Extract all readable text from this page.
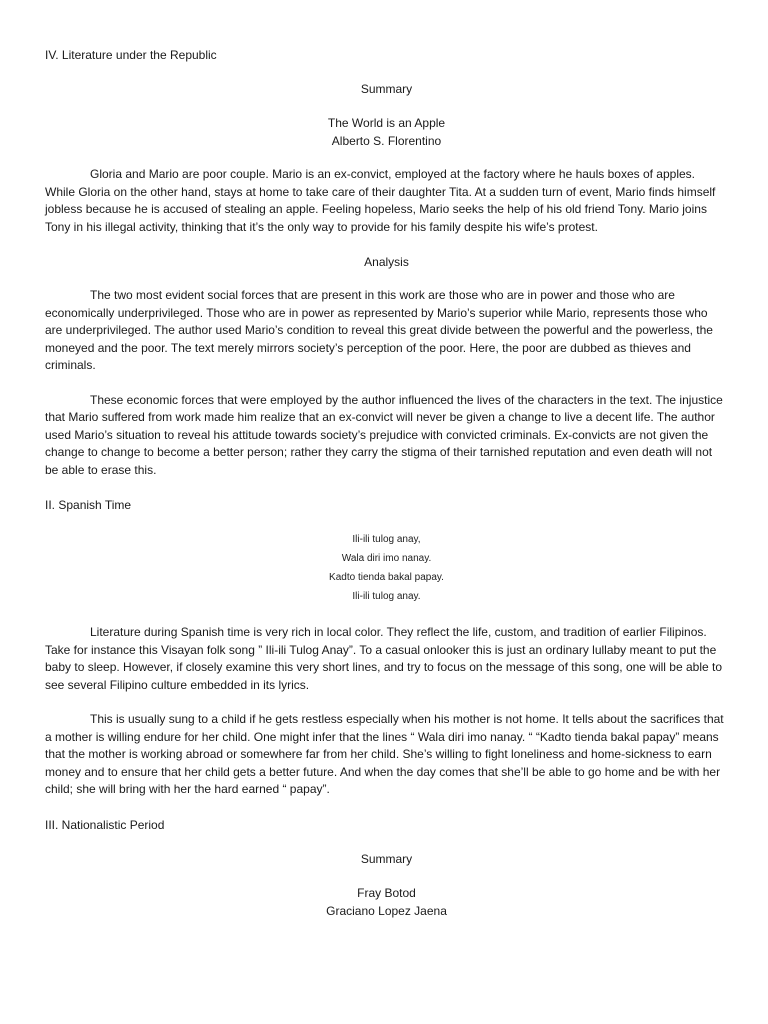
IV. Literature under the Republic
Summary
The World is an Apple
Alberto S. Florentino

Gloria and Mario are poor couple. Mario is an ex-convict, employed at the factory where he hauls boxes of apples. While Gloria on the other hand, stays at home to take care of their daughter Tita. At a sudden turn of event, Mario finds himself jobless because he is accused of stealing an apple. Feeling hopeless, Mario seeks the help of his old friend Tony. Mario joins Tony in his illegal activity, thinking that it’s the only way to provide for his family despite his wife’s protest.

Analysis

The two most evident social forces that are present in this work are those who are in power and those who are economically underprivileged. Those who are in power as represented by Mario’s superior while Mario, represents those who are underprivileged. The author used Mario’s condition to reveal this great divide between the powerful and the powerless, the moneyed and the poor. The text merely mirrors society’s perception of the poor. Here, the poor are dubbed as thieves and criminals.

These economic forces that were employed by the author influenced the lives of the characters in the text. The injustice that Mario suffered from work made him realize that an ex-convict will never be given a change to live a decent life. The author used Mario’s situation to reveal his attitude towards society’s prejudice with convicted criminals. Ex-convicts are not given the change to change to become a better person; rather they carry the stigma of their tarnished reputation and even death will not be able to erase this.

II. Spanish Time
Ili-ili tulog anay,
Wala diri imo nanay.
Kadto tienda bakal papay.
Ili-ili tulog anay.

Literature during Spanish time is very rich in local color. They reflect the life, custom, and tradition of earlier Filipinos. Take for instance this Visayan folk song ” Ili-ili Tulog Anay”. To a casual onlooker this is just an ordinary lullaby meant to put the baby to sleep. However, if closely examine this very short lines, and try to focus on the message of this song, one will be able to see several Filipino culture embedded in its lyrics.

This is usually sung to a child if he gets restless especially when his mother is not home. It tells about the sacrifices that a mother is willing endure for her child. One might infer that the lines “ Wala diri imo nanay. “ “Kadto tienda bakal papay” means that the mother is working abroad or somewhere far from her child. She’s willing to fight loneliness and home-sickness to earn money and to ensure that her child gets a better future. And when the day comes that she’ll be able to go home and be with her child; she will bring with her the hard earned “ papay”.

III. Nationalistic Period
Summary
Fray Botod
Graciano Lopez Jaena
